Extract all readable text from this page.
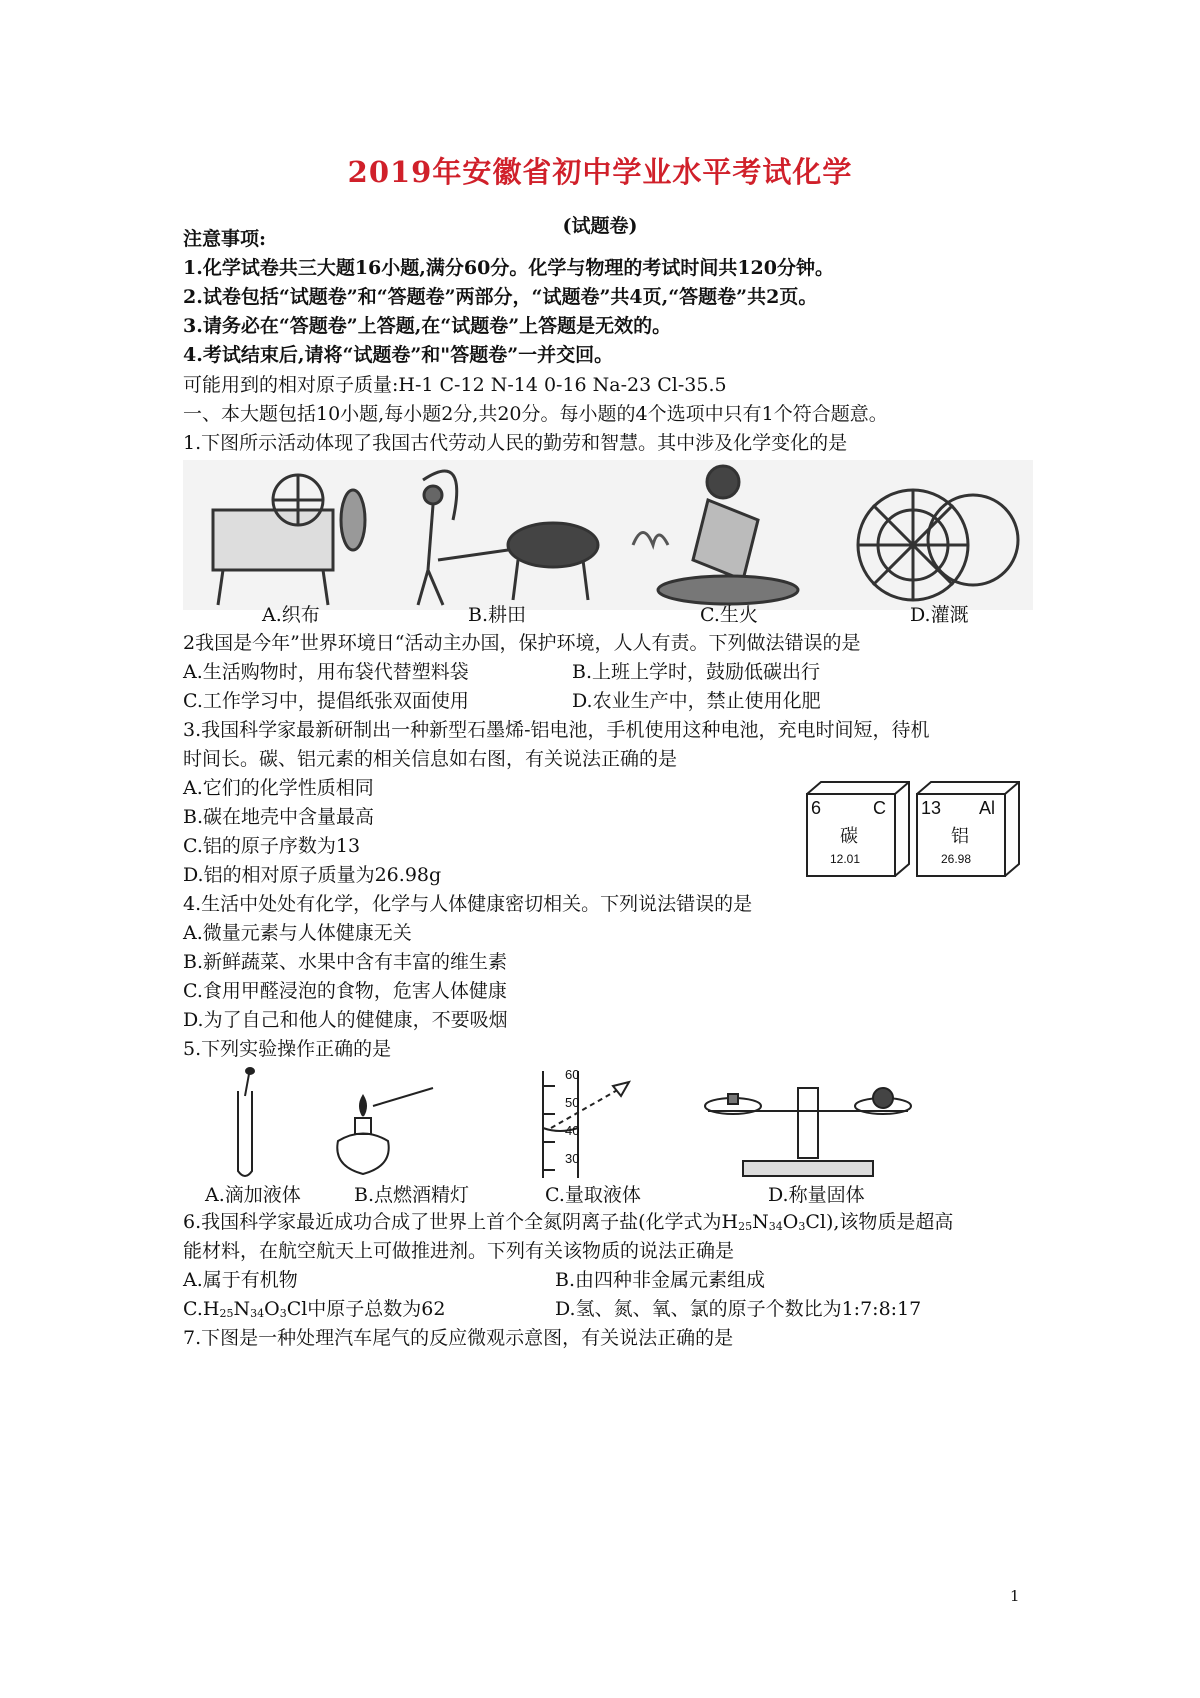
2019年安徽省初中学业水平考试化学
(试题卷)
注意事项:
1.化学试卷共三大题16小题,满分60分。化学与物理的考试时间共120分钟。
2.试卷包括“试题卷”和“答题卷”两部分，“试题卷”共4页,“答题卷”共2页。
3.请务必在“答题卷”上答题,在“试题卷”上答题是无效的。
4.考试结束后,请将“试题卷”和"答题卷”一并交回。
可能用到的相对原子质量:H-1 C-12 N-14 0-16 Na-23 Cl-35.5
一、本大题包括10小题,每小题2分,共20分。每小题的4个选项中只有1个符合题意。
1.下图所示活动体现了我国古代劳动人民的勤劳和智慧。其中涉及化学变化的是
A.织布	B.耕田	C.生火	D.灌溉
2我国是今年”世界环境日“活动主办国，保护环境，人人有责。下列做法错误的是
A.生活购物时，用布袋代替塑料袋	B.上班上学时，鼓励低碳出行
C.工作学习中，提倡纸张双面使用	D.农业生产中，禁止使用化肥
3.我国科学家最新研制出一种新型石墨烯-铝电池，手机使用这种电池，充电时间短，待机
时间长。碳、铝元素的相关信息如右图，有关说法正确的是
A.它们的化学性质相同
B.碳在地壳中含量最高
C.铝的原子序数为13
D.铝的相对原子质量为26.98g
6	C
碳
12.01
13 Al
铝
26.98
4.生活中处处有化学，化学与人体健康密切相关。下列说法错误的是
A.微量元素与人体健康无关
B.新鲜蔬菜、水果中含有丰富的维生素
C.食用甲醛浸泡的食物，危害人体健康
D.为了自己和他人的健健康，不要吸烟
5.下列实验操作正确的是
60
50
40
30
A.滴加液体	B.点燃酒精灯	C.量取液体	D.称量固体
6.我国科学家最近成功合成了世界上首个全氮阴离子盐(化学式为$H_{25}N_{34}O_3Cl$),该物质是超高
能材料，在航空航天上可做推进剂。下列有关该物质的说法正确是
A.属于有机物	B.由四种非金属元素组成
$C.H_{25}N_{34}O_3Cl$中原子总数为62	D.氢、氮、氧、氯的原子个数比为1:7:8:17
7.下图是一种处理汽车尾气的反应微观示意图，有关说法正确的是
1
